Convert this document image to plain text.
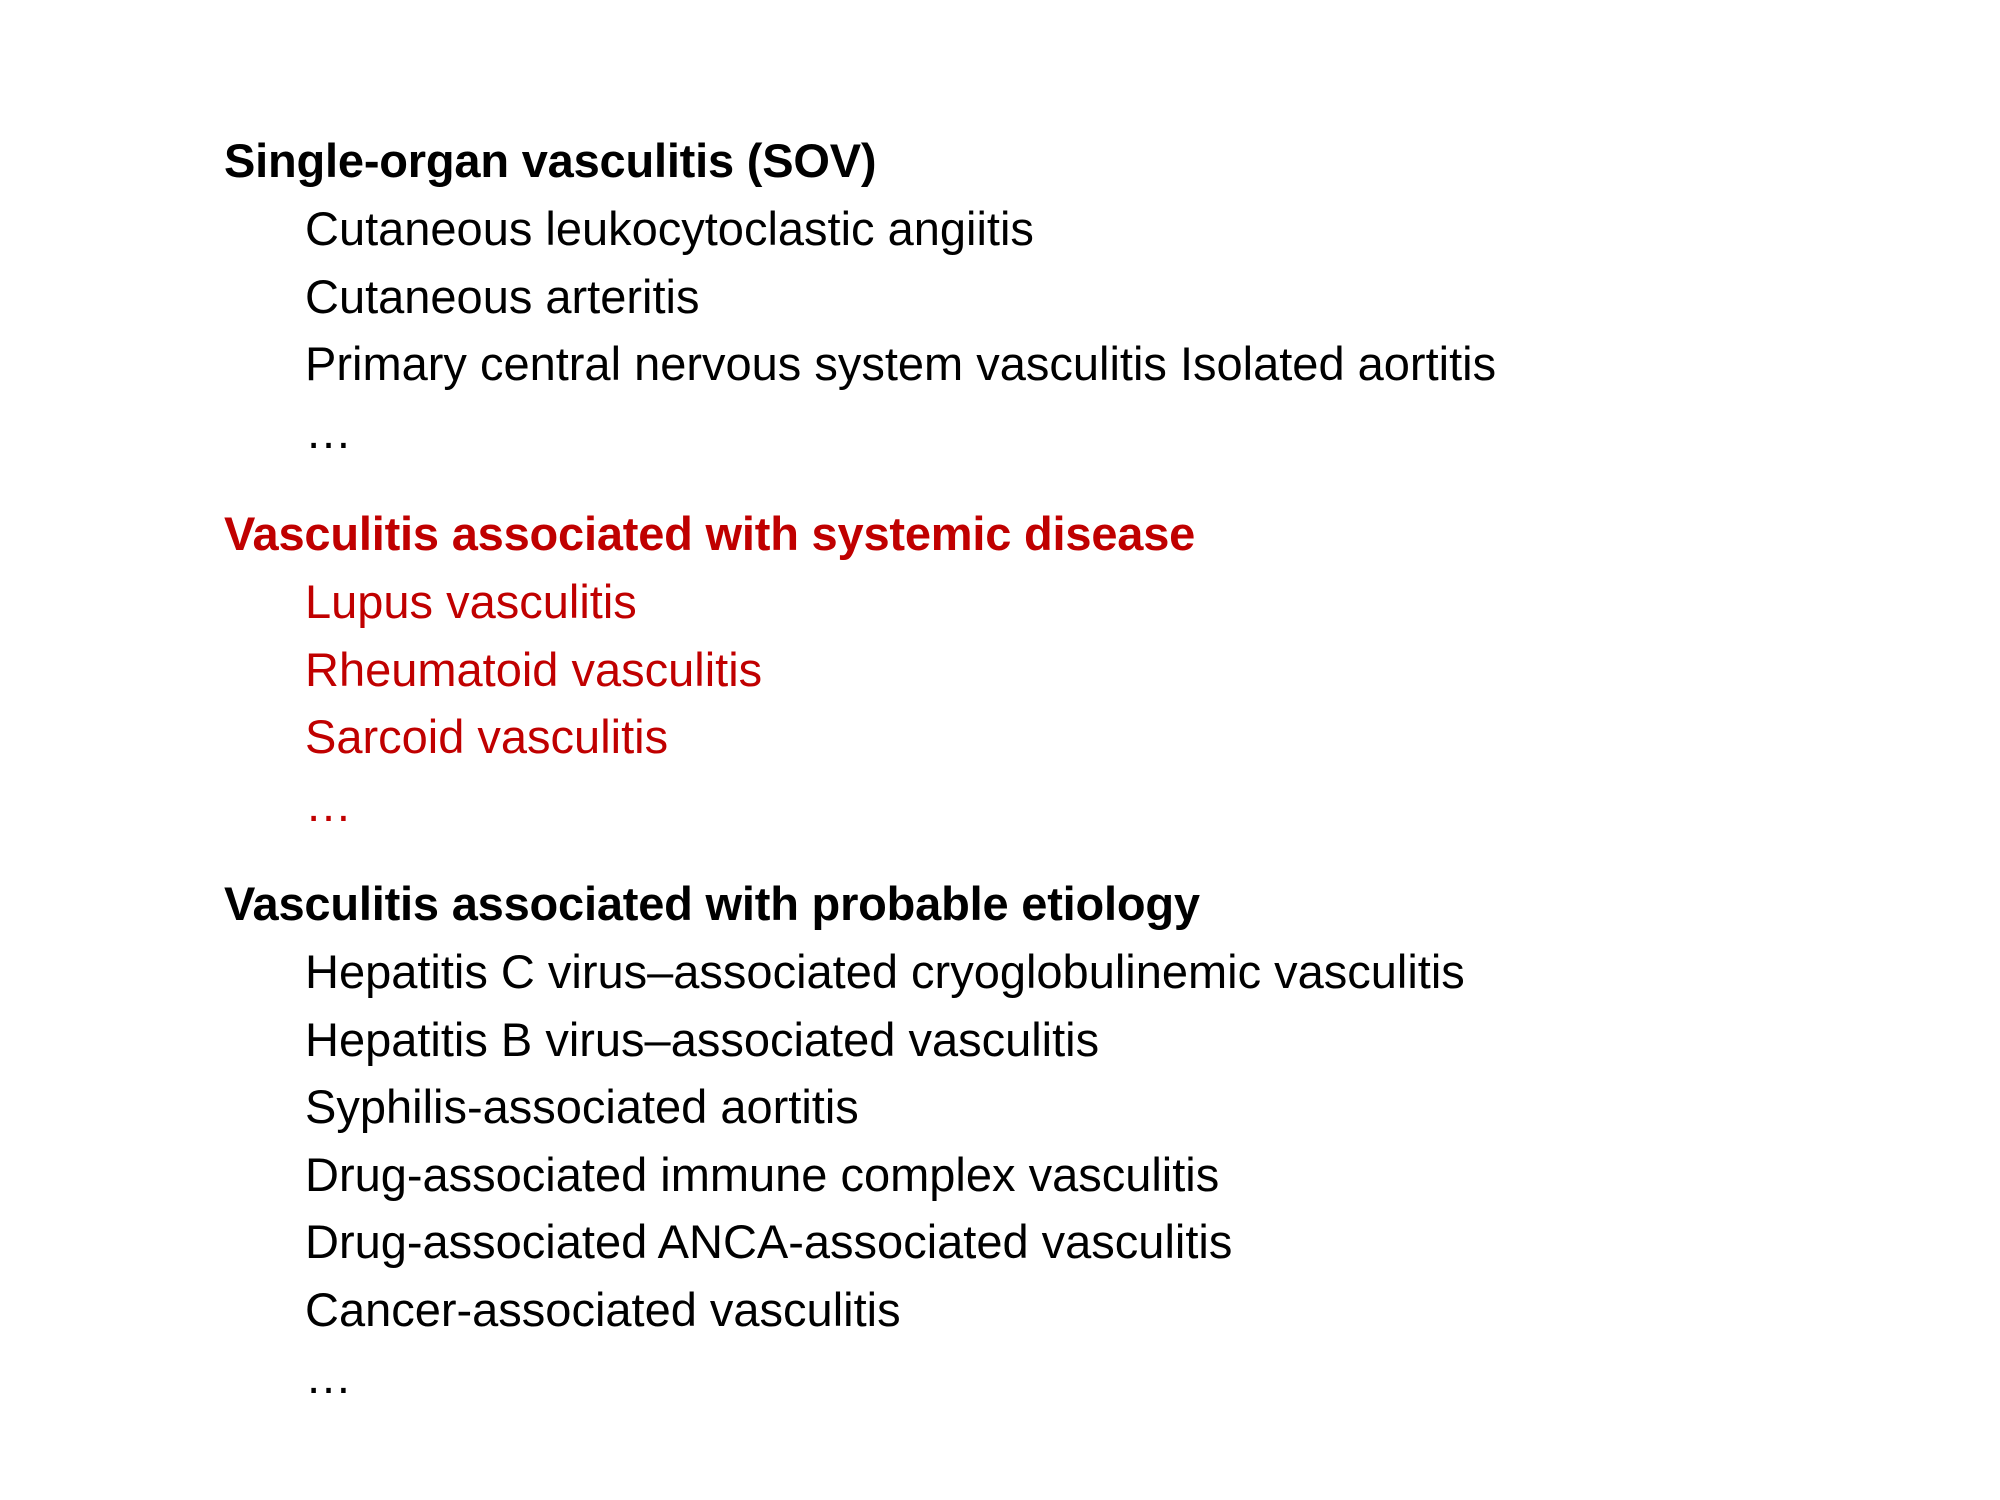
Single-organ vasculitis (SOV)
Cutaneous leukocytoclastic angiitis
Cutaneous arteritis
Primary central nervous system vasculitis Isolated aortitis
…
Vasculitis associated with systemic disease
Lupus vasculitis
Rheumatoid vasculitis
Sarcoid vasculitis
…
Vasculitis associated with probable etiology
Hepatitis C virus–associated cryoglobulinemic vasculitis
Hepatitis B virus–associated vasculitis
Syphilis-associated aortitis
Drug-associated immune complex vasculitis
Drug-associated ANCA-associated vasculitis
Cancer-associated vasculitis
…
